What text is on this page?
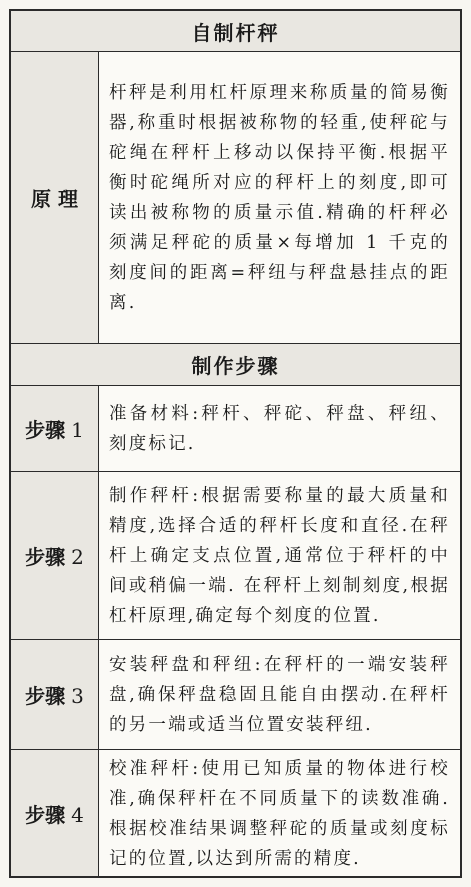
自制杆秤
原 理
杆秤是利用杠杆原理来称质量的简易衡器,称重时根据被称物的轻重,使秤砣与砣绳在秤杆上移动以保持平衡.根据平衡时砣绳所对应的秤杆上的刻度,即可读出被称物的质量示值.精确的杆秤必须满足秤砣的质量×每增加 1 千克的刻度间的距离=秤纽与秤盘悬挂点的距离.
制作步骤
步骤 1
准备材料:秤杆、秤砣、秤盘、秤纽、刻度标记.
步骤 2
制作秤杆:根据需要称量的最大质量和精度,选择合适的秤杆长度和直径.在秤杆上确定支点位置,通常位于秤杆的中间或稍偏一端. 在秤杆上刻制刻度,根据杠杆原理,确定每个刻度的位置.
步骤 3
安装秤盘和秤纽:在秤杆的一端安装秤盘,确保秤盘稳固且能自由摆动.在秤杆的另一端或适当位置安装秤纽.
步骤 4
校准秤杆:使用已知质量的物体进行校准,确保秤杆在不同质量下的读数准确.根据校准结果调整秤砣的质量或刻度标记的位置,以达到所需的精度.
